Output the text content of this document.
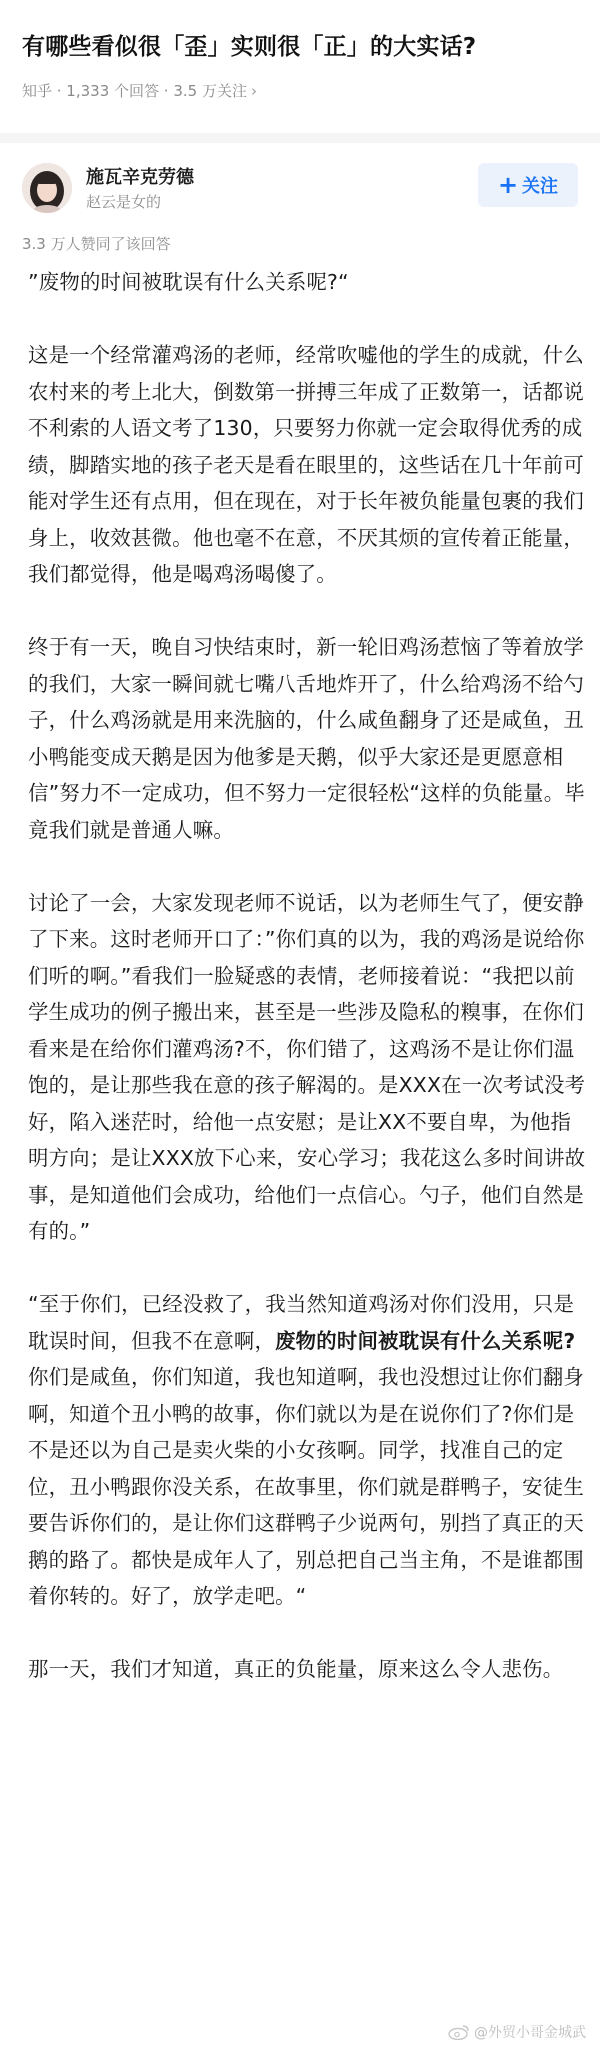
有哪些看似很「歪」实则很「正」的大实话?
知乎 · 1,333 个回答 · 3.5 万关注 ›
施瓦辛克劳德
赵云是女的
+ 关注
3.3 万人赞同了该回答

”废物的时间被耽误有什么关系呢?“

这是一个经常灌鸡汤的老师，经常吹嘘他的学生的成就，什么农村来的考上北大，倒数第一拼搏三年成了正数第一，话都说不利索的人语文考了130，只要努力你就一定会取得优秀的成绩，脚踏实地的孩子老天是看在眼里的，这些话在几十年前可能对学生还有点用，但在现在，对于长年被负能量包裹的我们身上，收效甚微。他也毫不在意，不厌其烦的宣传着正能量，我们都觉得，他是喝鸡汤喝傻了。

终于有一天，晚自习快结束时，新一轮旧鸡汤惹恼了等着放学的我们，大家一瞬间就七嘴八舌地炸开了，什么给鸡汤不给勺子，什么鸡汤就是用来洗脑的，什么咸鱼翻身了还是咸鱼，丑小鸭能变成天鹅是因为他爹是天鹅，似乎大家还是更愿意相信”努力不一定成功，但不努力一定很轻松“这样的负能量。毕竟我们就是普通人嘛。

讨论了一会，大家发现老师不说话，以为老师生气了，便安静了下来。这时老师开口了：”你们真的以为，我的鸡汤是说给你们听的啊。”看我们一脸疑惑的表情，老师接着说：“我把以前学生成功的例子搬出来，甚至是一些涉及隐私的糗事，在你们看来是在给你们灌鸡汤?不，你们错了，这鸡汤不是让你们温饱的，是让那些我在意的孩子解渴的。是XXX在一次考试没考好，陷入迷茫时，给他一点安慰；是让XX不要自卑，为他指明方向；是让XXX放下心来，安心学习；我花这么多时间讲故事，是知道他们会成功，给他们一点信心。勺子，他们自然是有的。”

“至于你们，已经没救了，我当然知道鸡汤对你们没用，只是耽误时间，但我不在意啊，废物的时间被耽误有什么关系呢?你们是咸鱼，你们知道，我也知道啊，我也没想过让你们翻身啊，知道个丑小鸭的故事，你们就以为是在说你们了?你们是不是还以为自己是卖火柴的小女孩啊。同学，找准自己的定位，丑小鸭跟你没关系，在故事里，你们就是群鸭子，安徒生要告诉你们的，是让你们这群鸭子少说两句，别挡了真正的天鹅的路了。都快是成年人了，别总把自己当主角，不是谁都围着你转的。好了，放学走吧。“

那一天，我们才知道，真正的负能量，原来这么令人悲伤。

@外贸小哥金城武
